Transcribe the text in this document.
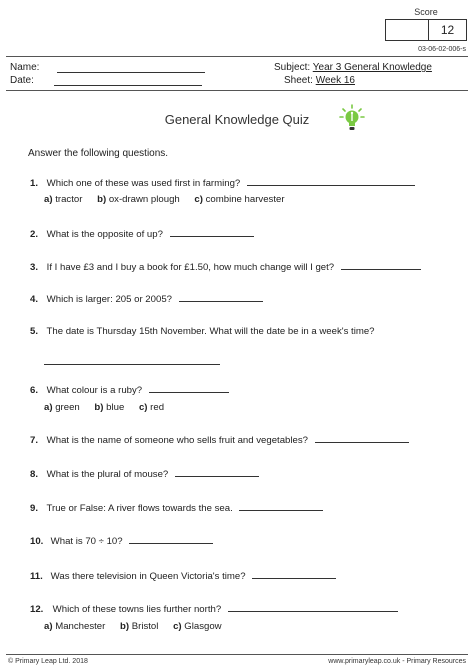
Score
12
03-06-02-006-s
Name:
Date:
Subject: Year 3 General Knowledge
Sheet: Week 16
General Knowledge Quiz
Answer the following questions.
1. Which one of these was used first in farming?
a) tractor b) ox-drawn plough c) combine harvester
2. What is the opposite of up?
3. If I have £3 and I buy a book for £1.50, how much change will I get?
4. Which is larger: 205 or 2005?
5. The date is Thursday 15th November. What will the date be in a week's time?
6. What colour is a ruby?
a) green b) blue c) red
7. What is the name of someone who sells fruit and vegetables?
8. What is the plural of mouse?
9. True or False: A river flows towards the sea.
10. What is 70 ÷ 10?
11. Was there television in Queen Victoria's time?
12. Which of these towns lies further north?
a) Manchester b) Bristol c) Glasgow
© Primary Leap Ltd. 2018	www.primaryleap.co.uk - Primary Resources
